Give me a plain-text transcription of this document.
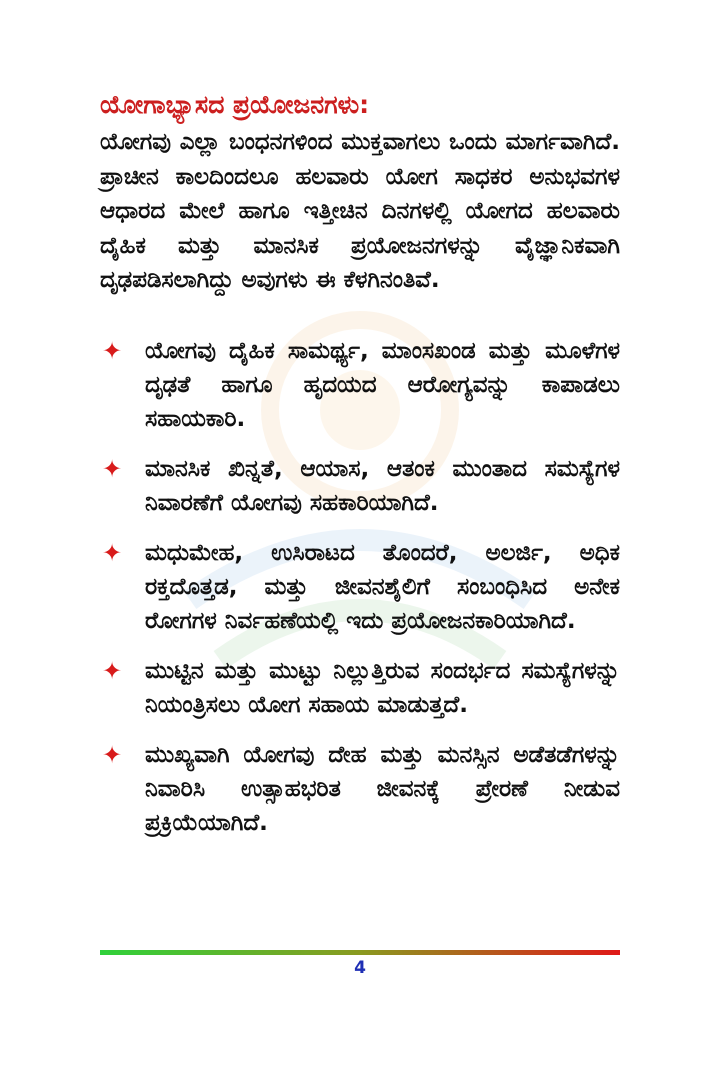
ಯೋಗಾಭ್ಯಾಸದ ಪ್ರಯೋಜನಗಳು:
ಯೋಗವು ಎಲ್ಲಾ ಬಂಧನಗಳಿಂದ ಮುಕ್ತವಾಗಲು ಒಂದು ಮಾರ್ಗವಾಗಿದೆ. ಪ್ರಾಚೀನ ಕಾಲದಿಂದಲೂ ಹಲವಾರು ಯೋಗ ಸಾಧಕರ ಅನುಭವಗಳ ಆಧಾರದ ಮೇಲೆ ಹಾಗೂ ಇತ್ತೀಚಿನ ದಿನಗಳಲ್ಲಿ ಯೋಗದ ಹಲವಾರು ದೈಹಿಕ ಮತ್ತು ಮಾನಸಿಕ ಪ್ರಯೋಜನಗಳನ್ನು ವೈಜ್ಞಾನಿಕವಾಗಿ ದೃಢಪಡಿಸಲಾಗಿದ್ದು ಅವುಗಳು ಈ ಕೆಳಗಿನಂತಿವೆ.
✦ ಯೋಗವು ದೈಹಿಕ ಸಾಮರ್ಥ್ಯ, ಮಾಂಸಖಂಡ ಮತ್ತು ಮೂಳೆಗಳ ದೃಢತೆ ಹಾಗೂ ಹೃದಯದ ಆರೋಗ್ಯವನ್ನು ಕಾಪಾಡಲು ಸಹಾಯಕಾರಿ.
✦ ಮಾನಸಿಕ ಖಿನ್ನತೆ, ಆಯಾಸ, ಆತಂಕ ಮುಂತಾದ ಸಮಸ್ಯೆಗಳ ನಿವಾರಣೆಗೆ ಯೋಗವು ಸಹಕಾರಿಯಾಗಿದೆ.
✦ ಮಧುಮೇಹ, ಉಸಿರಾಟದ ತೊಂದರೆ, ಅಲರ್ಜಿ, ಅಧಿಕ ರಕ್ತದೊತ್ತಡ, ಮತ್ತು ಜೀವನಶೈಲಿಗೆ ಸಂಬಂಧಿಸಿದ ಅನೇಕ ರೋಗಗಳ ನಿರ್ವಹಣೆಯಲ್ಲಿ ಇದು ಪ್ರಯೋಜನಕಾರಿಯಾಗಿದೆ.
✦ ಮುಟ್ಟಿನ ಮತ್ತು ಮುಟ್ಟು ನಿಲ್ಲುತ್ತಿರುವ ಸಂದರ್ಭದ ಸಮಸ್ಯೆಗಳನ್ನು ನಿಯಂತ್ರಿಸಲು ಯೋಗ ಸಹಾಯ ಮಾಡುತ್ತದೆ.
✦ ಮುಖ್ಯವಾಗಿ ಯೋಗವು ದೇಹ ಮತ್ತು ಮನಸ್ಸಿನ ಅಡೆತಡೆಗಳನ್ನು ನಿವಾರಿಸಿ ಉತ್ಸಾಹಭರಿತ ಜೀವನಕ್ಕೆ ಪ್ರೇರಣೆ ನೀಡುವ ಪ್ರಕ್ರಿಯೆಯಾಗಿದೆ.
4
